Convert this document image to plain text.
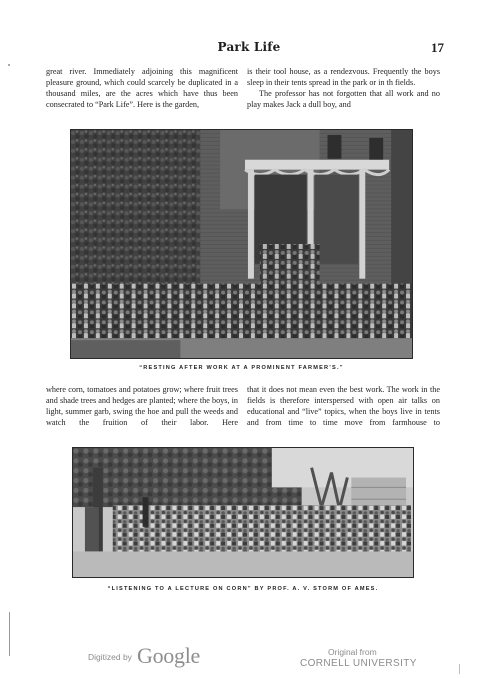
Park Life	17

great river. Immediately adjoining this magnificent pleasure ground, which could scarcely be duplicated in a thousand miles, are the acres which have thus been consecrated to “Park Life”. Here is the garden,

is their tool house, as a rendezvous. Frequently the boys sleep in their tents spread in the park or in th fields.

The professor has not forgotten that all work and no play makes Jack a dull boy, and

“RESTING AFTER WORK AT A PROMINENT FARMER’S.”

where corn, tomatoes and potatoes grow; where fruit trees and shade trees and hedges are planted; where the boys, in light, summer garb, swing the hoe and pull the weeds and watch the fruition of their labor. Here

that it does not mean even the best work. The work in the fields is therefore interspersed with open air talks on educational and “live” topics, when the boys live in tents and from time to time move from farmhouse to

“LISTENING TO A LECTURE ON CORN” BY PROF. A. V. STORM OF AMES.
Digitized by Google	Original from
CORNELL UNIVERSITY
